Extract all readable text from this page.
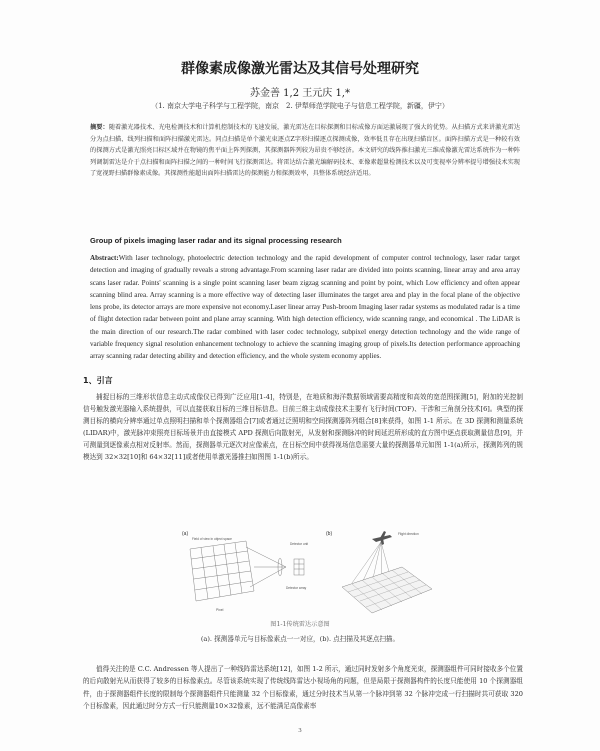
群像素成像激光雷达及其信号处理研究
苏金善 1,2 王元庆 1,*
（1. 南京大学电子科学与工程学院，南京　2. 伊犁师范学院电子与信息工程学院，新疆，伊宁）
摘要：随着激光器技术、光电检测技术和计算机控制技术的飞速发展，激光雷达在目标探测和目标成像方面运激展现了强大的优势。从扫描方式来讲激光雷达分为点扫描、线列扫描和面阵扫描激光雷达。同点扫描是单个激光束逐点Z字形扫描逐点探测成像，效率低且存在出现扫描盲区。面阵扫描方式是一种较有效的探测方式是激光照亮目标区域并在物镜的焦平面上阵列探测，其探测器阵列较为昂贵不够经济。本文研究的线阵推扫激光三维成像激光雷达系统作为一种阵列调制雷达是介于点扫描和面阵扫描之间的一种时间飞行探测雷达。将雷达结合激光编解码技术、亚像素超量检测技术以及可变视率分辨率提号增强技术实现了宽视野扫描群像素成像。其探测性能超出面阵扫描雷达的探测能力和探测效率，具整体系统经济适用。
Group of pixels imaging laser radar and its signal processing research
Abstract:With laser technology, photoelectric detection technology and the rapid development of computer control technology, laser radar target detection and imaging of gradually reveals a strong advantage.From scanning laser radar are divided into points scanning, linear array and area array scans laser radar. Points' scanning is a single point scanning laser beam zigzag scanning and point by point, which Low efficiency and often appear scanning blind area. Array scanning is a more effective way of detecting laser illuminates the target area and play in the focal plane of the objective lens probe, its detector arrays are more expensive not economy.Laser linear array Push-broom Imaging laser radar systems as modulated radar is a time of flight detection radar between point and plane array scanning. With high detection efficiency, wide scanning range, and economical . The LiDAR is the main direction of our research.The radar combined with laser codec technology, subpixel energy detection technology and the wide range of variable frequency signal resolution enhancement technology to achieve the scanning imaging group of pixels.Its detection performance approaching array scanning radar detecting ability and detection efficiency, and the whole system economy applies.
1、引言
捕捉目标的三维形状信息主动式成像仪已得到广泛应用[1-4]，特别是，在地质和海洋数据领域需要高精度和高效的宽范围探测[5]，附加的光控制信号触发激光器输入系统提供，可以直接获取目标的三维目标信息。目前三维主动成像技术主要有飞行时间(TOF)、干涉和三角剖分技术[6]。典型的探测目标的横向分辨率通过单点照明扫描和单个探测器组合[7]或者通过泛照明和空间探测器阵列组合[8]来获得，如图 1-1 所示。在 3D 探测和测量系统(LIDAR)中，激光脉冲束照亮目标场景并由直接模式 APD 探测后向散射光，从发射和探测脉冲的时间延迟所形成的直方图中逐点获取测量信息[9]，并可测量到逐像素点相对反射率。然而，探测器单元逐次对应像素点，在日标空间中获得视场信息需要大量的探测器单元如图 1-1(a)所示，探测阵列的规模达到 32×32[10]和 64×32[11]或者使用单激光器推扫如图图 1-1(b)所示。
(a)
Field of view in object space
Pixel
Detector unit
Detector array
(b)	Flight direction
图1-1传统雷达示意图
(a). 探测器单元与目标像素点一一对应，(b). 点扫描及其逐点扫描。
值得关注的是 C.C. Andressen 等人提出了一种线阵雷达系统[12]，如图 1-2 所示，通过同时发射多个角度光束，探测器组件可同时接收多个位置的后向散射光从而获得了较多的目标像素点。尽管该系统实现了传统线阵雷达小视场角的问题，但是局限于探测器构件的长度只能使用 10 个探测器组件，由于探测器组件长度的限制每个探测器组件只能测量 32 个目标像素，通过分时技术当从第一个脉冲到第 32 个脉冲完成一行扫描时共可获取 320 个目标像素，因此通过时分方式一行只能测量10×32像素，远不能满足高像素率
3
